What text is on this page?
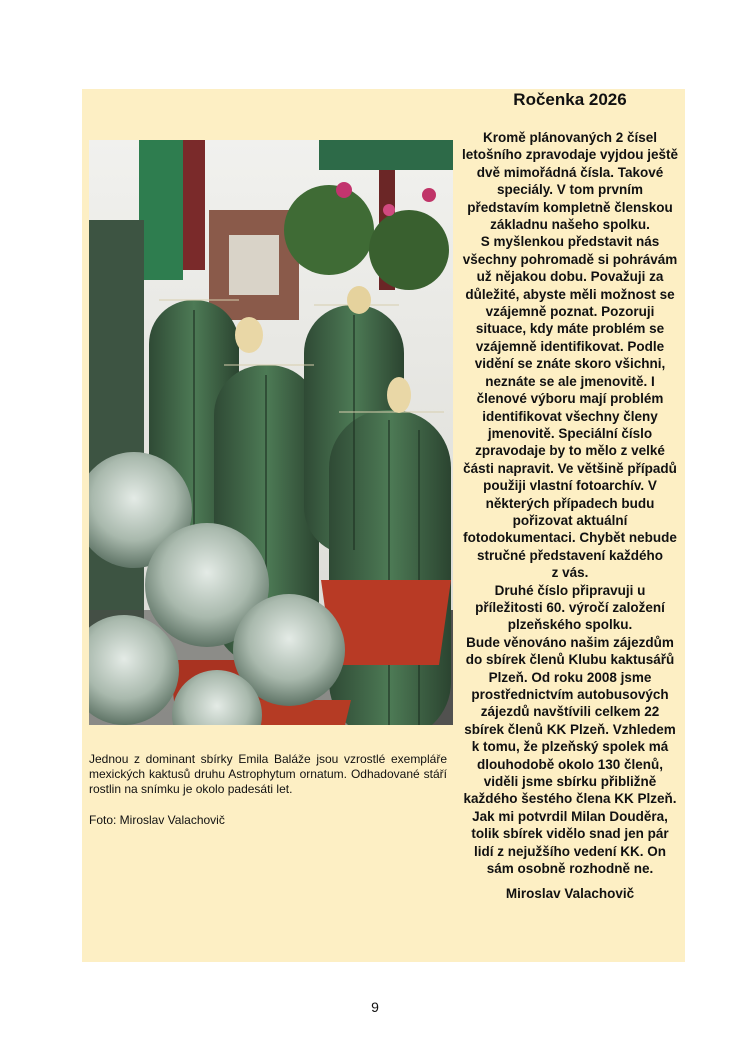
Jednou z dominant sbírky Emila Baláže jsou vzrostlé exempláře mexických kaktusů druhu Astrophytum ornatum. Odhadované stáří rostlin na snímku je okolo padesáti let.

Foto: Miroslav Valachovič
Ročenka 2026
Kromě plánovaných 2 čísel
letošního zpravodaje vyjdou ještě
dvě mimořádná čísla. Takové
speciály. V tom prvním
představím kompletně členskou
základnu našeho spolku.
S myšlenkou představit nás
všechny pohromadě si pohrávám
už nějakou dobu. Považuji za
důležité, abyste měli možnost se
vzájemně poznat. Pozoruji
situace, kdy máte problém se
vzájemně identifikovat. Podle
vidění se znáte skoro všichni,
neznáte se ale jmenovitě. I
členové výboru mají problém
identifikovat všechny členy
jmenovitě. Speciální číslo
zpravodaje by to mělo z velké
části napravit. Ve většině případů
použiji vlastní fotoarchív. V
některých případech budu
pořizovat aktuální
fotodokumentaci. Chybět nebude
stručné představení každého
z vás.
Druhé číslo připravuji u
příležitosti 60. výročí založení
plzeňského spolku.
Bude věnováno našim zájezdům
do sbírek členů Klubu kaktusářů
Plzeň. Od roku 2008 jsme
prostřednictvím autobusových
zájezdů navštívili celkem 22
sbírek členů KK Plzeň. Vzhledem
k tomu, že plzeňský spolek má
dlouhodobě okolo 130 členů,
viděli jsme sbírku přibližně
každého šestého člena KK Plzeň.
Jak mi potvrdil Milan Douděra,
tolik sbírek vidělo snad jen pár
lidí z nejužšího vedení KK. On
sám osobně rozhodně ne.
Miroslav Valachovič
9
